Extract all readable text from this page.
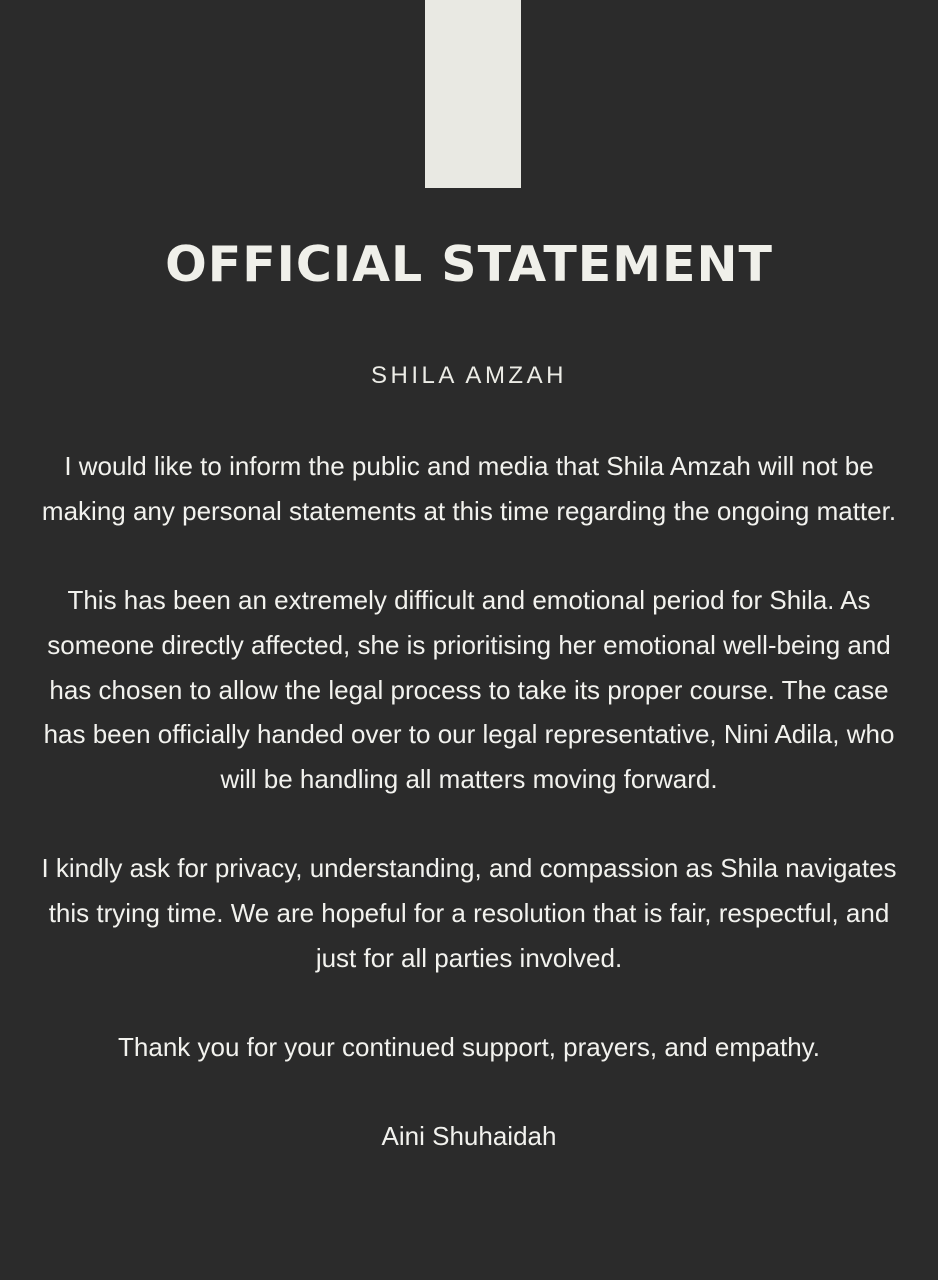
OFFICIAL STATEMENT
SHILA AMZAH

I would like to inform the public and media that Shila Amzah will not be making any personal statements at this time regarding the ongoing matter.

This has been an extremely difficult and emotional period for Shila. As someone directly affected, she is prioritising her emotional well-being and has chosen to allow the legal process to take its proper course. The case has been officially handed over to our legal representative, Nini Adila, who will be handling all matters moving forward.

I kindly ask for privacy, understanding, and compassion as Shila navigates this trying time. We are hopeful for a resolution that is fair, respectful, and just for all parties involved.

Thank you for your continued support, prayers, and empathy.

Aini Shuhaidah
